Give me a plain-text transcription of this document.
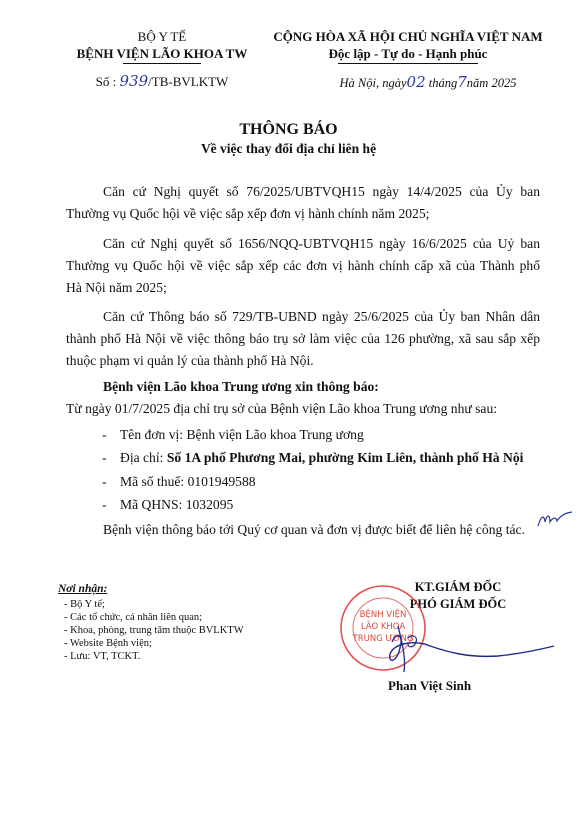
BỘ Y TẾ
BỆNH VIỆN LÃO KHOA TW
Số : 939/TB-BVLKTW
CỘNG HÒA XÃ HỘI CHỦ NGHĨA VIỆT NAM
Độc lập - Tự do - Hạnh phúc
Hà Nội, ngày02 tháng7năm 2025
THÔNG BÁO
Về việc thay đổi địa chỉ liên hệ
Căn cứ Nghị quyết số 76/2025/UBTVQH15 ngày 14/4/2025 của Ủy ban
Thường vụ Quốc hội về việc sắp xếp đơn vị hành chính năm 2025;
Căn cứ Nghị quyết số 1656/NQQ-UBTVQH15 ngày 16/6/2025 của Uỷ ban
Thường vụ Quốc hội về việc sắp xếp các đơn vị hành chính cấp xã của Thành phố
Hà Nội năm 2025;
Căn cứ Thông báo số 729/TB-UBND ngày 25/6/2025 của Ủy ban Nhân dân
thành phố Hà Nội về việc thông báo trụ sở làm việc của 126 phường, xã sau sắp xếp
thuộc phạm vi quản lý của thành phố Hà Nội.
Bệnh viện Lão khoa Trung ương xin thông báo:
Từ ngày 01/7/2025 địa chỉ trụ sở của Bệnh viện Lão khoa Trung ương như sau:
- Tên đơn vị: Bệnh viện Lão khoa Trung ương
- Địa chỉ: Số 1A phố Phương Mai, phường Kim Liên, thành phố Hà Nội
- Mã số thuế: 0101949588
- Mã QHNS: 1032095
Bệnh viện thông báo tới Quý cơ quan và đơn vị được biết để liên hệ công tác.
Nơi nhận:
- Bộ Y tế;
- Các tổ chức, cá nhân liên quan;
- Khoa, phòng, trung tâm thuộc BVLKTW
- Website Bệnh viện;
- Lưu: VT, TCKT.
KT.GIÁM ĐỐC
PHÓ GIÁM ĐỐC
BỆNH VIỆN
LÃO KHOA
TRUNG ƯƠNG
Phan Việt Sinh
